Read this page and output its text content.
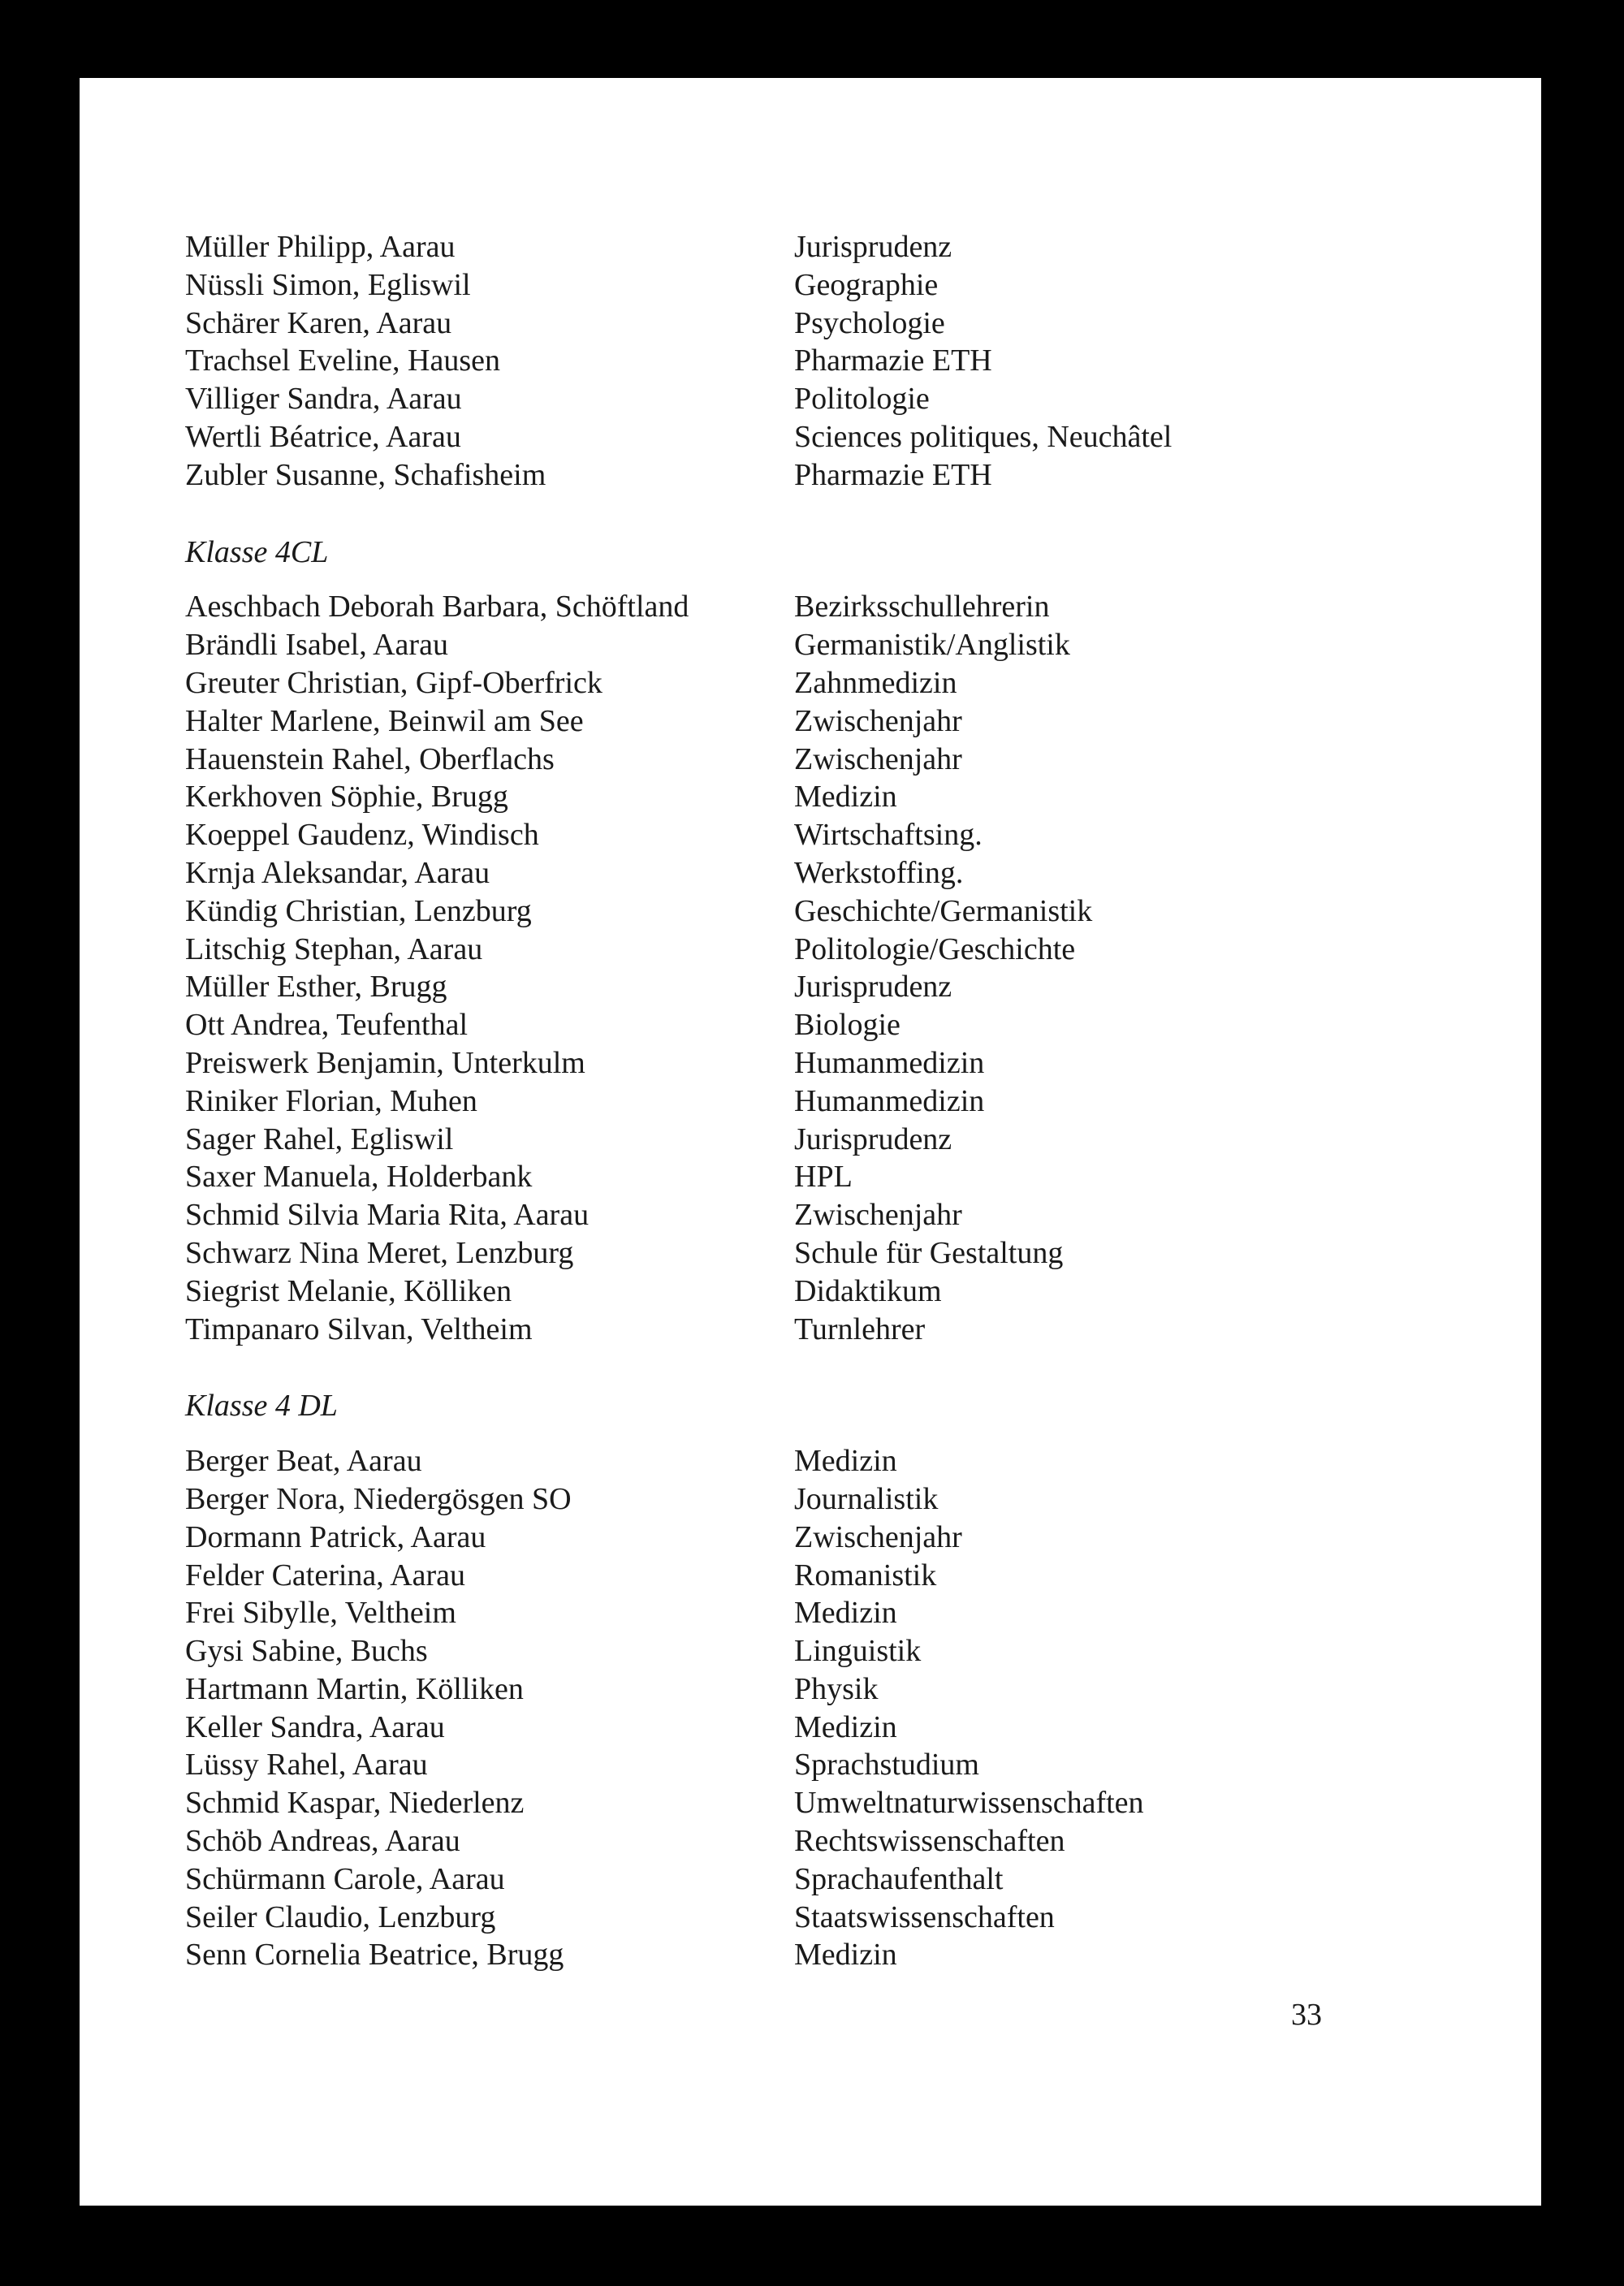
Müller Philipp, Aarau	Jurisprudenz
Nüssli Simon, Egliswil	Geographie
Schärer Karen, Aarau	Psychologie
Trachsel Eveline, Hausen	Pharmazie ETH
Villiger Sandra, Aarau	Politologie
Wertli Béatrice, Aarau	Sciences politiques, Neuchâtel
Zubler Susanne, Schafisheim	Pharmazie ETH
Klasse 4CL
Aeschbach Deborah Barbara, Schöftland	Bezirksschullehrerin
Brändli Isabel, Aarau	Germanistik/Anglistik
Greuter Christian, Gipf-Oberfrick	Zahnmedizin
Halter Marlene, Beinwil am See	Zwischenjahr
Hauenstein Rahel, Oberflachs	Zwischenjahr
Kerkhoven Söphie, Brugg	Medizin
Koeppel Gaudenz, Windisch	Wirtschaftsing.
Krnja Aleksandar, Aarau	Werkstoffing.
Kündig Christian, Lenzburg	Geschichte/Germanistik
Litschig Stephan, Aarau	Politologie/Geschichte
Müller Esther, Brugg	Jurisprudenz
Ott Andrea, Teufenthal	Biologie
Preiswerk Benjamin, Unterkulm	Humanmedizin
Riniker Florian, Muhen	Humanmedizin
Sager Rahel, Egliswil	Jurisprudenz
Saxer Manuela, Holderbank	HPL
Schmid Silvia Maria Rita, Aarau	Zwischenjahr
Schwarz Nina Meret, Lenzburg	Schule für Gestaltung
Siegrist Melanie, Kölliken	Didaktikum
Timpanaro Silvan, Veltheim	Turnlehrer
Klasse 4 DL
Berger Beat, Aarau	Medizin
Berger Nora, Niedergösgen SO	Journalistik
Dormann Patrick, Aarau	Zwischenjahr
Felder Caterina, Aarau	Romanistik
Frei Sibylle, Veltheim	Medizin
Gysi Sabine, Buchs	Linguistik
Hartmann Martin, Kölliken	Physik
Keller Sandra, Aarau	Medizin
Lüssy Rahel, Aarau	Sprachstudium
Schmid Kaspar, Niederlenz	Umweltnaturwissenschaften
Schöb Andreas, Aarau	Rechtswissenschaften
Schürmann Carole, Aarau	Sprachaufenthalt
Seiler Claudio, Lenzburg	Staatswissenschaften
Senn Cornelia Beatrice, Brugg	Medizin
33
